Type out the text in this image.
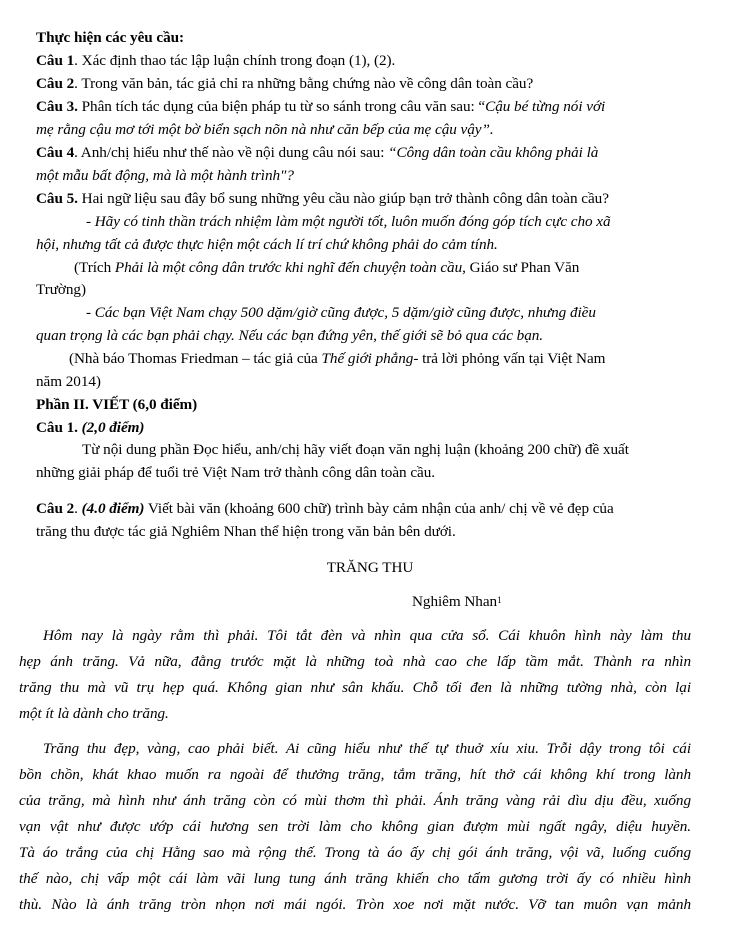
Thực hiện các yêu cầu:
Câu 1. Xác định thao tác lập luận chính trong đoạn (1), (2).
Câu 2. Trong văn bản, tác giả chỉ ra những bằng chứng nào về công dân toàn cầu?
Câu 3. Phân tích tác dụng của biện pháp tu từ so sánh trong câu văn sau: “Cậu bé từng nói với
mẹ rằng cậu mơ tới một bờ biển sạch nõn nà như căn bếp của mẹ cậu vậy”.
Câu 4. Anh/chị hiểu như thế nào về nội dung câu nói sau: “Công dân toàn cầu không phải là
một mẫu bất động, mà là một hành trình"?
Câu 5. Hai ngữ liệu sau đây bổ sung những yêu cầu nào giúp bạn trở thành công dân toàn cầu?
- Hãy có tinh thần trách nhiệm làm một người tốt, luôn muốn đóng góp tích cực cho xã
hội, nhưng tất cả được thực hiện một cách lí trí chứ không phải do cảm tính.
(Trích Phải là một công dân trước khi nghĩ đến chuyện toàn cầu, Giáo sư Phan Văn
Trường)
- Các bạn Việt Nam chạy 500 dặm/giờ cũng được, 5 dặm/giờ cũng được, nhưng điều
quan trọng là các bạn phải chạy. Nếu các bạn đứng yên, thế giới sẽ bỏ qua các bạn.
(Nhà báo Thomas Friedman – tác giả của Thế giới phẳng- trả lời phỏng vấn tại Việt Nam
năm 2014)
Phần II. VIẾT (6,0 điểm)
Câu 1. (2,0 điểm)
Từ nội dung phần Đọc hiểu, anh/chị hãy viết đoạn văn nghị luận (khoảng 200 chữ) đề xuất
những giải pháp để tuổi trẻ Việt Nam trở thành công dân toàn cầu.
Câu 2. (4.0 điểm) Viết bài văn (khoảng 600 chữ) trình bày cảm nhận của anh/ chị về vẻ đẹp của
trăng thu được tác giả Nghiêm Nhan thể hiện trong văn bản bên dưới.
TRĂNG THU
Nghiêm Nhan$^1$
Hôm nay là ngày rằm thì phải. Tôi tắt đèn và nhìn qua cửa sổ. Cái khuôn hình này làm thu
hẹp ánh trăng. Vả nữa, đằng trước mặt là những toà nhà cao che lấp tầm mắt. Thành ra nhìn
trăng thu mà vũ trụ hẹp quá. Không gian như sân khấu. Chỗ tối đen là những tường nhà, còn lại
một ít là dành cho trăng.
Trăng thu đẹp, vàng, cao phải biết. Ai cũng hiểu như thế tự thuở xíu xiu. Trỗi dậy trong tôi cái
bồn chồn, khát khao muốn ra ngoài để thưởng trăng, tắm trăng, hít thở cái không khí trong lành
của trăng, mà hình như ánh trăng còn có mùi thơm thì phải. Ánh trăng vàng rải dìu dịu đều, xuống
vạn vật như được ướp cái hương sen trời làm cho không gian đượm mùi ngất ngây, diệu huyền.
Tà áo trắng của chị Hằng sao mà rộng thế. Trong tà áo ấy chị gói ánh trăng, vội vã, luống cuống
thế nào, chị vấp một cái làm vãi lung tung ánh trăng khiến cho tấm gương trời ấy có nhiều hình
thù. Nào là ánh trăng tròn nhọn nơi mái ngói. Tròn xoe nơi mặt nước. Vỡ tan muôn vạn mảnh
